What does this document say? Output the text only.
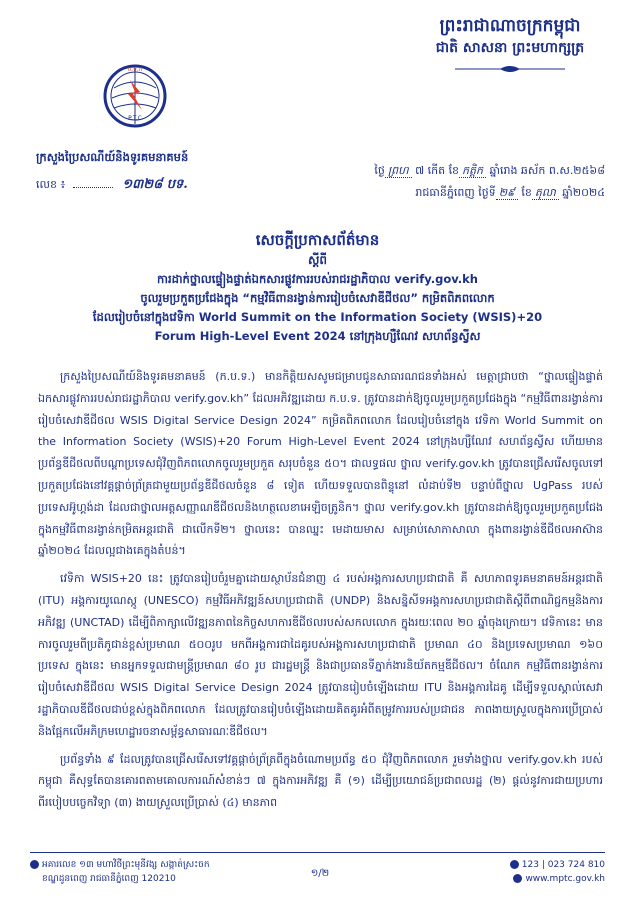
ព្រះរាជាណាចក្រកម្ពុជា
ជាតិ សាសនា ព្រះមហាក្សត្រ
ប.ទ.ក
P.T.C
ក្រសួងប្រៃសណីយ៍និងទូរគមនាគមន៍
លេខ ៖	១៣២៨ បទ.
ថ្ងៃ ព្រហ ៧ កើត ខែ កត្តិក ឆ្នាំរោង ឆស័ក ព.ស.២៥៦៨
រាជធានីភ្នំពេញ ថ្ងៃទី ២៩ ខែ តុលា ឆ្នាំ២០២៤
សេចក្ដីប្រកាសព័ត៌មាន
ស្ដីពី
ការដាក់ថ្នាលផ្ទៀងផ្ទាត់ឯកសារផ្លូវការរបស់រាជរដ្ឋាភិបាល verify.gov.kh
ចូលរួមប្រកួតប្រជែងក្នុង “កម្មវិធីពានរង្វាន់ការរៀបចំសេវាឌីជីថល” កម្រិតពិភពលោក
ដែលរៀបចំនៅក្នុងវេទិកា World Summit on the Information Society (WSIS)+20
Forum High-Level Event 2024 នៅក្រុងហ្សឺណែវ សហព័ន្ធស្វីស

ក្រសួងប្រៃសណីយ៍និងទូរគមនាគមន៍ (ក.ប.ទ.) មានកិត្តិយសសូមជម្រាបជូនសាធារណជនទាំងអស់ មេត្តាជ្រាបថា “ថ្នាលផ្ទៀងផ្ទាត់ឯកសារផ្លូវការរបស់រាជរដ្ឋាភិបាល verify.gov.kh” ដែលអភិវឌ្ឍដោយ ក.ប.ទ. ត្រូវបានដាក់ឱ្យចូលរួមប្រកួតប្រជែងក្នុង “កម្មវិធីពានរង្វាន់ការរៀបចំសេវាឌីជីថល WSIS Digital Service Design 2024” កម្រិតពិភពលោក ដែលរៀបចំនៅក្នុង វេទិកា World Summit on the Information Society (WSIS)+20 Forum High-Level Event 2024 នៅក្រុងហ្សឺណែវ សហព័ន្ធស្វីស ហើយមានប្រព័ន្ធឌីជីថលពីបណ្ដាប្រទេសជុំវិញពិភពលោកចូលរួមប្រកួត សរុបចំនួន ៥០។ ជាលទ្ធផល ថ្នាល verify.gov.kh ត្រូវបានជ្រើសរើសចូលទៅប្រកួតប្រជែងនៅវគ្គផ្ដាច់ព្រ័ត្រជាមួយប្រព័ន្ធឌីជីថលចំនួន ៨ ទៀត ហើយទទួលបានពិន្ទុនៅ លំដាប់ទី២ បន្ទាប់ពីថ្នាល UgPass របស់ប្រទេសអ៊ូហ្គង់ដា ដែលជាថ្នាលអត្តសញ្ញាណឌីជីថលនិងហត្ថលេខាអេឡិចត្រូនិក។ ថ្នាល verify.gov.kh ត្រូវបានដាក់ឱ្យចូលរួមប្រកួតប្រជែងក្នុងកម្មវិធីពានរង្វាន់កម្រិតអន្តរជាតិ ជាលើកទី២។ ថ្នាលនេះ បានឈ្នះ មេដាយមាស សម្រាប់សោភាសាលា ក្នុងពានរង្វាន់ឌីជីថលអាស៊ានឆ្នាំ២០២៤ ដែលល្អជាងគេក្នុងតំបន់។

វេទិកា WSIS+20 នេះ ត្រូវបានរៀបចំរួមគ្នាដោយស្ថាប័នជំនាញ ៤ របស់អង្គការសហប្រជាជាតិ គឺ សហភាពទូរគមនាគមន៍អន្តរជាតិ (ITU) អង្គការយូណេស្កូ (UNESCO) កម្មវិធីអភិវឌ្ឍន៍សហប្រជាជាតិ (UNDP) និងសន្និសីទអង្គការសហប្រជាជាតិស្តីពីពាណិជ្ជកម្មនិងការអភិវឌ្ឍ (UNCTAD) ដើម្បីពិភាក្សាលើវឌ្ឍនភាពនៃកិច្ចសហការឌីជីថលរបស់សកលលោក ក្នុងរយៈពេល ២០ ឆ្នាំចុងក្រោយ។ វេទិកានេះ មានការចូលរួមពីប្រតិភូជាន់ខ្ពស់ប្រមាណ ៥០០រូប មកពីអង្គការជាដៃគូរបស់អង្គការសហប្រជាជាតិ ប្រមាណ ៤០ និងប្រទេសប្រមាណ ១៦០ ប្រទេស ក្នុងនេះ មានអ្នកទទួលជាមន្ត្រីប្រមាណ ៨០ រូប ជារដ្ឋមន្ត្រី និងជាប្រធានទីភ្នាក់ងារនិយ័តកម្មឌីជីថល។ ចំណែក កម្មវិធីពានរង្វាន់ការរៀបចំសេវាឌីជីថល WSIS Digital Service Design 2024 ត្រូវបានរៀបចំឡើងដោយ ITU និងអង្គការដៃគូ ដើម្បីទទួលស្គាល់សេវារដ្ឋាភិបាលឌីជីថលជាប់ខ្ពស់ក្នុងពិភពលោក ដែលត្រូវបានរៀបចំឡើងដោយគិតគូរអំពីតម្រូវការរបស់ប្រជាជន ភាពងាយស្រួលក្នុងការប្រើប្រាស់ និងផ្អែកលើអភិក្រមហេដ្ឋារចនាសម្ព័ន្ធសាធារណៈឌីជីថល។

ប្រព័ន្ធទាំង ៩ ដែលត្រូវបានជ្រើសរើសទៅវគ្គផ្ដាច់ព្រ័ត្រពីក្នុងចំណោមប្រព័ន្ធ ៥០ ជុំវិញពិភពលោក រួមទាំងថ្នាល verify.gov.kh របស់កម្ពុជា គឺសុទ្ធតែបានគោរពតាមគោលការណ៍សំខាន់ៗ ៧ ក្នុងការអភិវឌ្ឍ គឺ (១) ដើម្បីប្រយោជន៍ប្រជាពលរដ្ឋ (២) ផ្ដល់នូវការជាយប្រហារពីរបៀបបច្ចេកវិទ្យា (៣) ងាយស្រួលប្រើប្រាស់ (៤) មានភាព

អគារលេខ ១៣ មហាវិថីព្រះមុនីវង្ស សង្កាត់ស្រះចក
ខណ្ឌដូនពេញ រាជធានីភ្នំពេញ 120210	១/២
123 | 023 724 810
www.mptc.gov.kh
